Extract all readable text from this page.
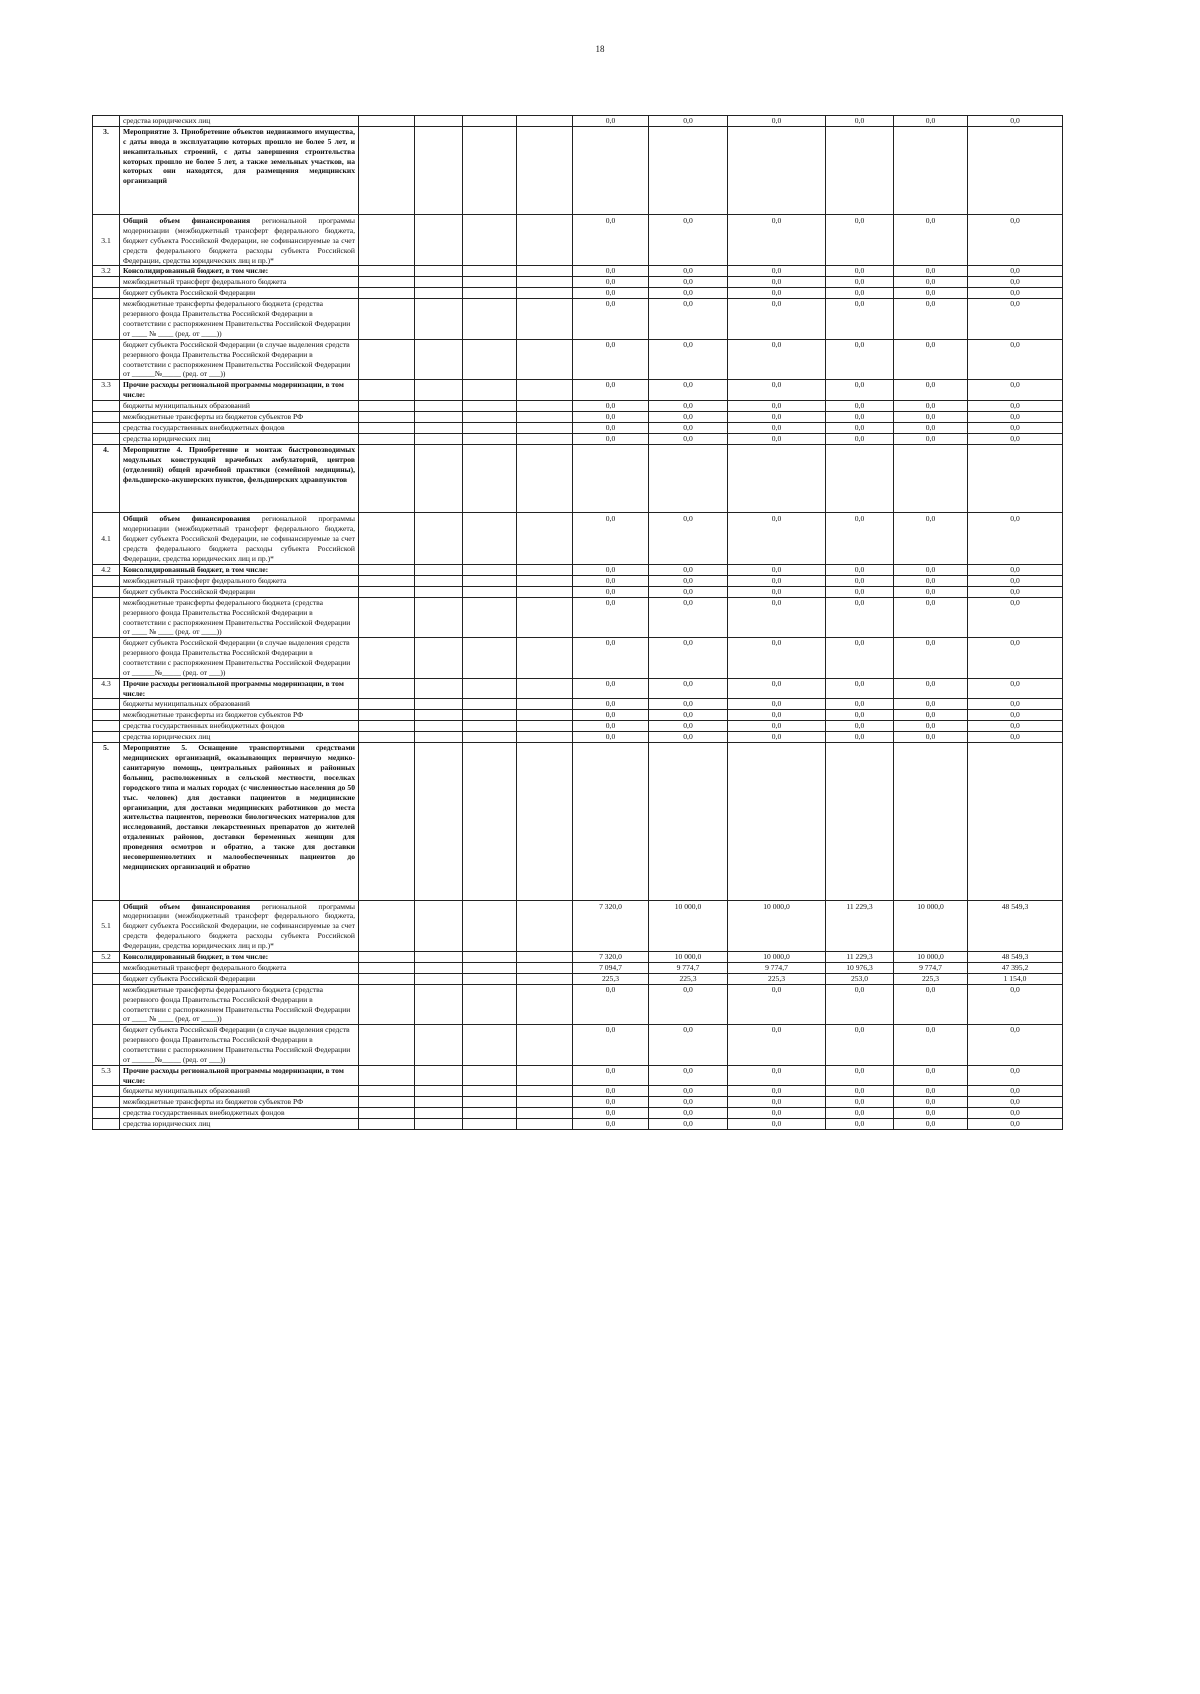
18
	средства юридических лиц					0,0	0,0	0,0	0,0	0,0	0,0
3.	Мероприятие 3. Приобретение объектов недвижимого имущества, с даты ввода в эксплуатацию которых прошло не более 5 лет, и некапитальных строений, с даты завершения строительства которых прошло не более 5 лет, а также земельных участков, на которых они находятся, для размещения медицинских организаций										
3.1	Общий объем финансирования региональной программы модернизации (межбюджетный трансферт федерального бюджета, бюджет субъекта Российской Федерации, не софинансируемые за счет средств федерального бюджета расходы субъекта Российской Федерации, средства юридических лиц и пр.)*					0,0	0,0	0,0	0,0	0,0	0,0
3.2	Консолидированный бюджет, в том числе:					0,0	0,0	0,0	0,0	0,0	0,0
	межбюджетный трансферт федерального бюджета					0,0	0,0	0,0	0,0	0,0	0,0
	бюджет субъекта Российской Федерации					0,0	0,0	0,0	0,0	0,0	0,0
	межбюджетные трансферты федерального бюджета (средства резервного фонда Правительства Российской Федерации в соответствии с распоряжением Правительства Российской Федерации от ____ № ____ (ред. от ____))					0,0	0,0	0,0	0,0	0,0	0,0
	бюджет субъекта Российской Федерации (в случае выделения средств резервного фонда Правительства Российской Федерации в соответствии с распоряжением Правительства Российской Федерации от ______№_____ (ред. от ___))					0,0	0,0	0,0	0,0	0,0	0,0
3.3	Прочие расходы региональной программы модернизации, в том числе:					0,0	0,0	0,0	0,0	0,0	0,0
	бюджеты муниципальных образований					0,0	0,0	0,0	0,0	0,0	0,0
	межбюджетные трансферты из бюджетов субъектов РФ					0,0	0,0	0,0	0,0	0,0	0,0
	средства государственных внебюджетных фондов					0,0	0,0	0,0	0,0	0,0	0,0
	средства юридических лиц					0,0	0,0	0,0	0,0	0,0	0,0
4.	Мероприятие 4. Приобретение и монтаж быстровозводимых модульных конструкций врачебных амбулаторий, центров (отделений) общей врачебной практики (семейной медицины), фельдшерско-акушерских пунктов, фельдшерских здравпунктов										
4.1	Общий объем финансирования региональной программы модернизации (межбюджетный трансферт федерального бюджета, бюджет субъекта Российской Федерации, не софинансируемые за счет средств федерального бюджета расходы субъекта Российской Федерации, средства юридических лиц и пр.)*					0,0	0,0	0,0	0,0	0,0	0,0
4.2	Консолидированный бюджет, в том числе:					0,0	0,0	0,0	0,0	0,0	0,0
	межбюджетный трансферт федерального бюджета					0,0	0,0	0,0	0,0	0,0	0,0
	бюджет субъекта Российской Федерации					0,0	0,0	0,0	0,0	0,0	0,0
	межбюджетные трансферты федерального бюджета (средства резервного фонда Правительства Российской Федерации в соответствии с распоряжением Правительства Российской Федерации от ____ № ____ (ред. от ____))					0,0	0,0	0,0	0,0	0,0	0,0
	бюджет субъекта Российской Федерации (в случае выделения средств резервного фонда Правительства Российской Федерации в соответствии с распоряжением Правительства Российской Федерации от ______№_____ (ред. от ___))					0,0	0,0	0,0	0,0	0,0	0,0
4.3	Прочие расходы региональной программы модернизации, в том числе:					0,0	0,0	0,0	0,0	0,0	0,0
	бюджеты муниципальных образований					0,0	0,0	0,0	0,0	0,0	0,0
	межбюджетные трансферты из бюджетов субъектов РФ					0,0	0,0	0,0	0,0	0,0	0,0
	средства государственных внебюджетных фондов					0,0	0,0	0,0	0,0	0,0	0,0
	средства юридических лиц					0,0	0,0	0,0	0,0	0,0	0,0
5.	Мероприятие 5. Оснащение транспортными средствами медицинских организаций, оказывающих первичную медико-санитарную помощь, центральных районных и районных больниц, расположенных в сельской местности, поселках городского типа и малых городах (с численностью населения до 50 тыс. человек) для доставки пациентов в медицинские организации, для доставки медицинских работников до места жительства пациентов, перевозки биологических материалов для исследований, доставки лекарственных препаратов до жителей отдаленных районов, доставки беременных женщин для проведения осмотров и обратно, а также для доставки несовершеннолетних и малообеспеченных пациентов до медицинских организаций и обратно										
5.1	Общий объем финансирования региональной программы модернизации (межбюджетный трансферт федерального бюджета, бюджет субъекта Российской Федерации, не софинансируемые за счет средств федерального бюджета расходы субъекта Российской Федерации, средства юридических лиц и пр.)*					7 320,0	10 000,0	10 000,0	11 229,3	10 000,0	48 549,3
5.2	Консолидированный бюджет, в том числе:					7 320,0	10 000,0	10 000,0	11 229,3	10 000,0	48 549,3
	межбюджетный трансферт федерального бюджета					7 094,7	9 774,7	9 774,7	10 976,3	9 774,7	47 395,2
	бюджет субъекта Российской Федерации					225,3	225,3	225,3	253,0	225,3	1 154,0
	межбюджетные трансферты федерального бюджета (средства резервного фонда Правительства Российской Федерации в соответствии с распоряжением Правительства Российской Федерации от ____ № ____ (ред. от ____))					0,0	0,0	0,0	0,0	0,0	0,0
	бюджет субъекта Российской Федерации (в случае выделения средств резервного фонда Правительства Российской Федерации в соответствии с распоряжением Правительства Российской Федерации от ______№_____ (ред. от ___))					0,0	0,0	0,0	0,0	0,0	0,0
5.3	Прочие расходы региональной программы модернизации, в том числе:					0,0	0,0	0,0	0,0	0,0	0,0
	бюджеты муниципальных образований					0,0	0,0	0,0	0,0	0,0	0,0
	межбюджетные трансферты из бюджетов субъектов РФ					0,0	0,0	0,0	0,0	0,0	0,0
	средства государственных внебюджетных фондов					0,0	0,0	0,0	0,0	0,0	0,0
	средства юридических лиц					0,0	0,0	0,0	0,0	0,0	0,0
